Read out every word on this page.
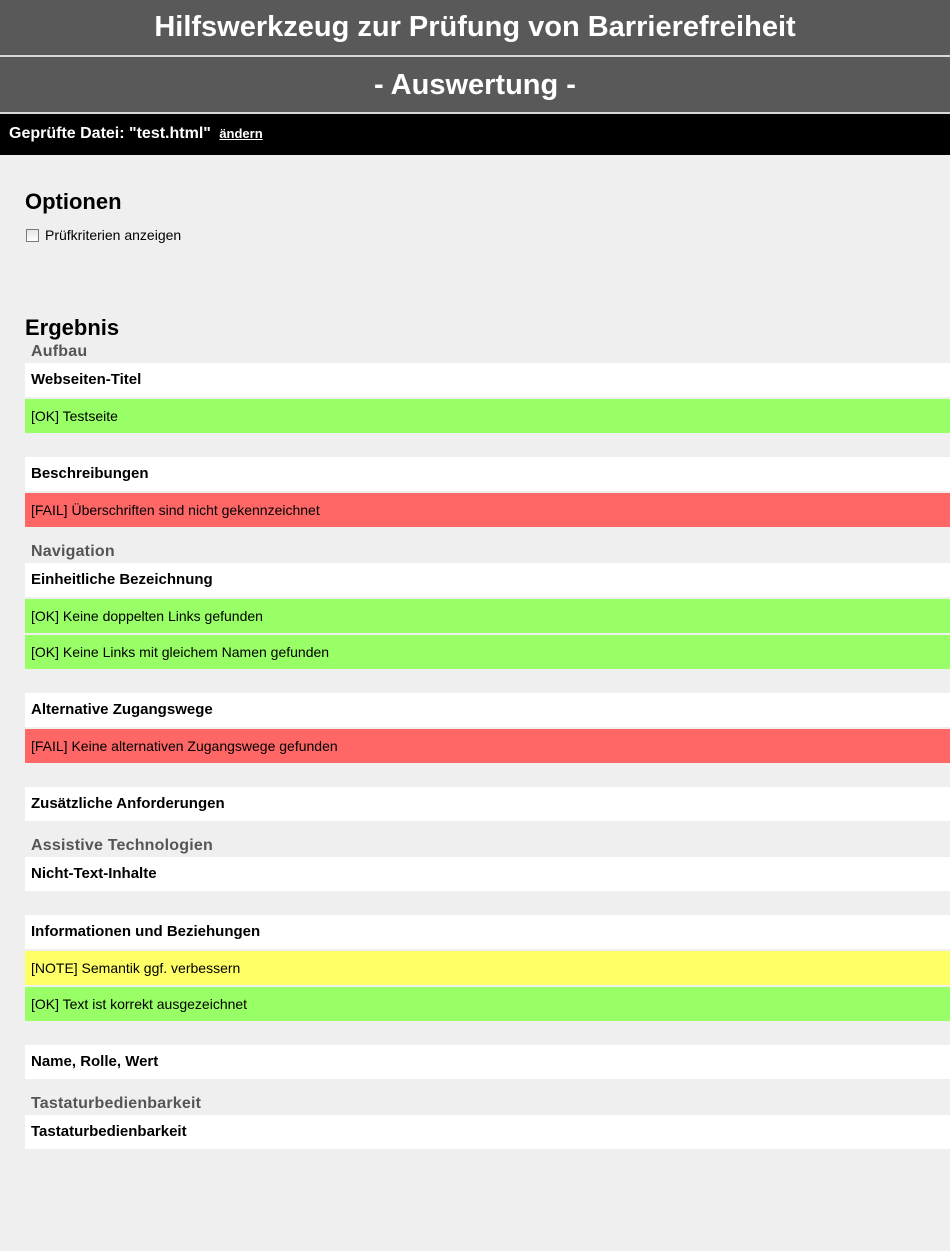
Hilfswerkzeug zur Prüfung von Barrierefreiheit
- Auswertung -
Geprüfte Datei: "test.html" ändern
Optionen
Prüfkriterien anzeigen
Ergebnis
Aufbau
Webseiten-Titel
[OK] Testseite
Beschreibungen
[FAIL] Überschriften sind nicht gekennzeichnet
Navigation
Einheitliche Bezeichnung
[OK] Keine doppelten Links gefunden
[OK] Keine Links mit gleichem Namen gefunden
Alternative Zugangswege
[FAIL] Keine alternativen Zugangswege gefunden
Zusätzliche Anforderungen
Assistive Technologien
Nicht-Text-Inhalte
Informationen und Beziehungen
[NOTE] Semantik ggf. verbessern
[OK] Text ist korrekt ausgezeichnet
Name, Rolle, Wert
Tastaturbedienbarkeit
Tastaturbedienbarkeit
